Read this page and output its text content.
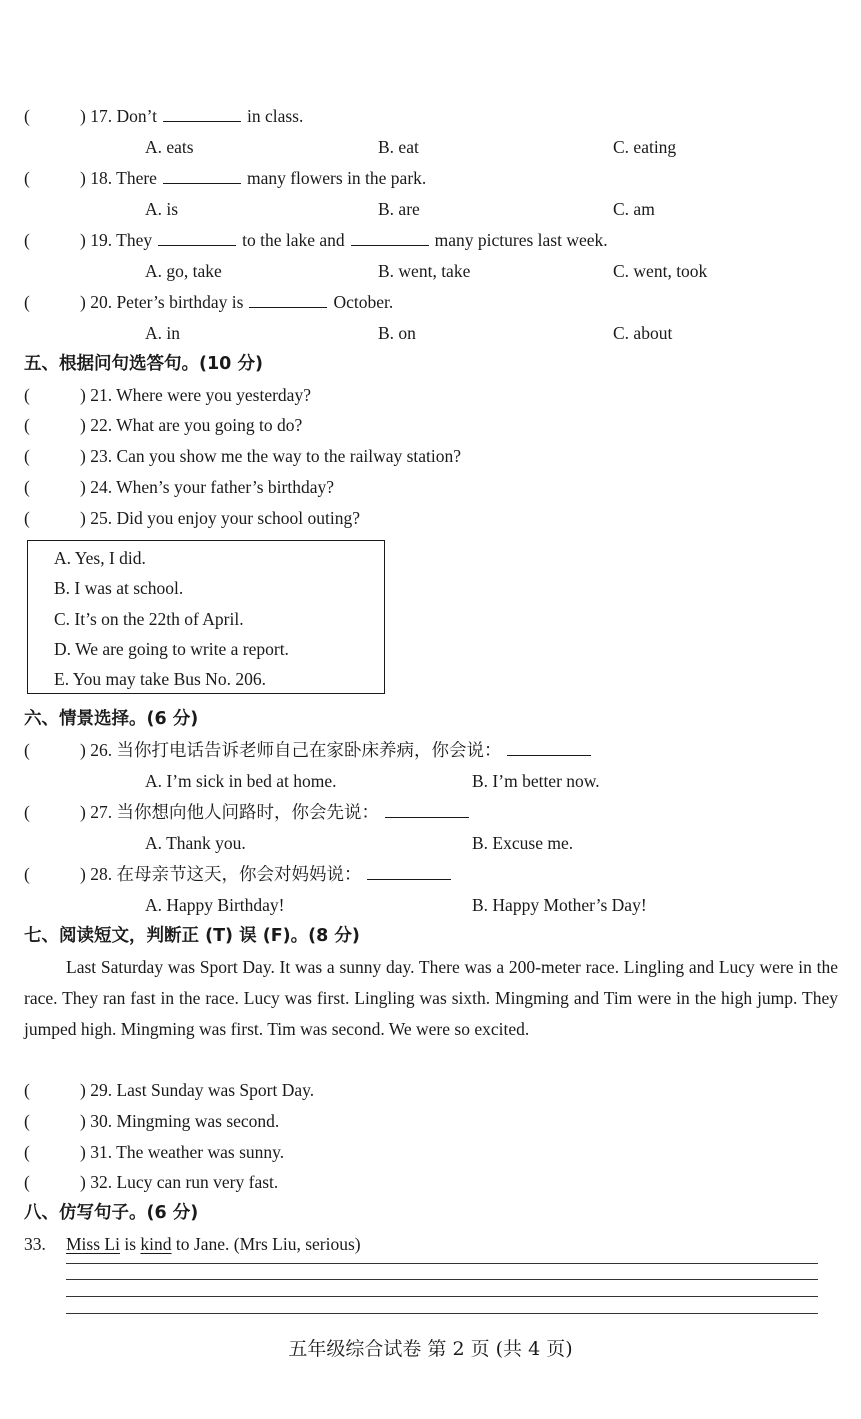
(	) 17. Don’t	in class.
A. eats	B. eat	C. eating
(	) 18. There	many flowers in the park.
A. is	B. are	C. am
(	) 19. They	to the lake and	many pictures last week.
A. go, take	B. went, take	C. went, took
(	) 20. Peter’s birthday is	October.
A. in	B. on	C. about
五、根据问句选答句。(10 分)
(	) 21. Where were you yesterday?
(	) 22. What are you going to do?
(	) 23. Can you show me the way to the railway station?
(	) 24. When’s your father’s birthday?
(	) 25. Did you enjoy your school outing?
A. Yes, I did.
B. I was at school.
C. It’s on the 22th of April.
D. We are going to write a report.
E. You may take Bus No. 206.
六、情景选择。(6 分)
(	) 26. 当你打电话告诉老师自己在家卧床养病，你会说：
A. I’m sick in bed at home.	B. I’m better now.
(	) 27. 当你想向他人问路时，你会先说：
A. Thank you.	B. Excuse me.
(	) 28. 在母亲节这天，你会对妈妈说：
A. Happy Birthday!	B. Happy Mother’s Day!
七、阅读短文，判断正 (T) 误 (F)。(8 分)
Last Saturday was Sport Day. It was a sunny day. There was a 200-meter race. Lingling and Lucy were in the race. They ran fast in the race. Lucy was first. Lingling was sixth. Mingming and Tim were in the high jump. They jumped high. Mingming was first. Tim was second. We were so excited.
(	) 29. Last Sunday was Sport Day.
(	) 30. Mingming was second.
(	) 31. The weather was sunny.
(	) 32. Lucy can run very fast.
八、仿写句子。(6 分)
33. Miss Li is kind to Jane. (Mrs Liu, serious)
五年级综合试卷 第 2 页 (共 4 页)
